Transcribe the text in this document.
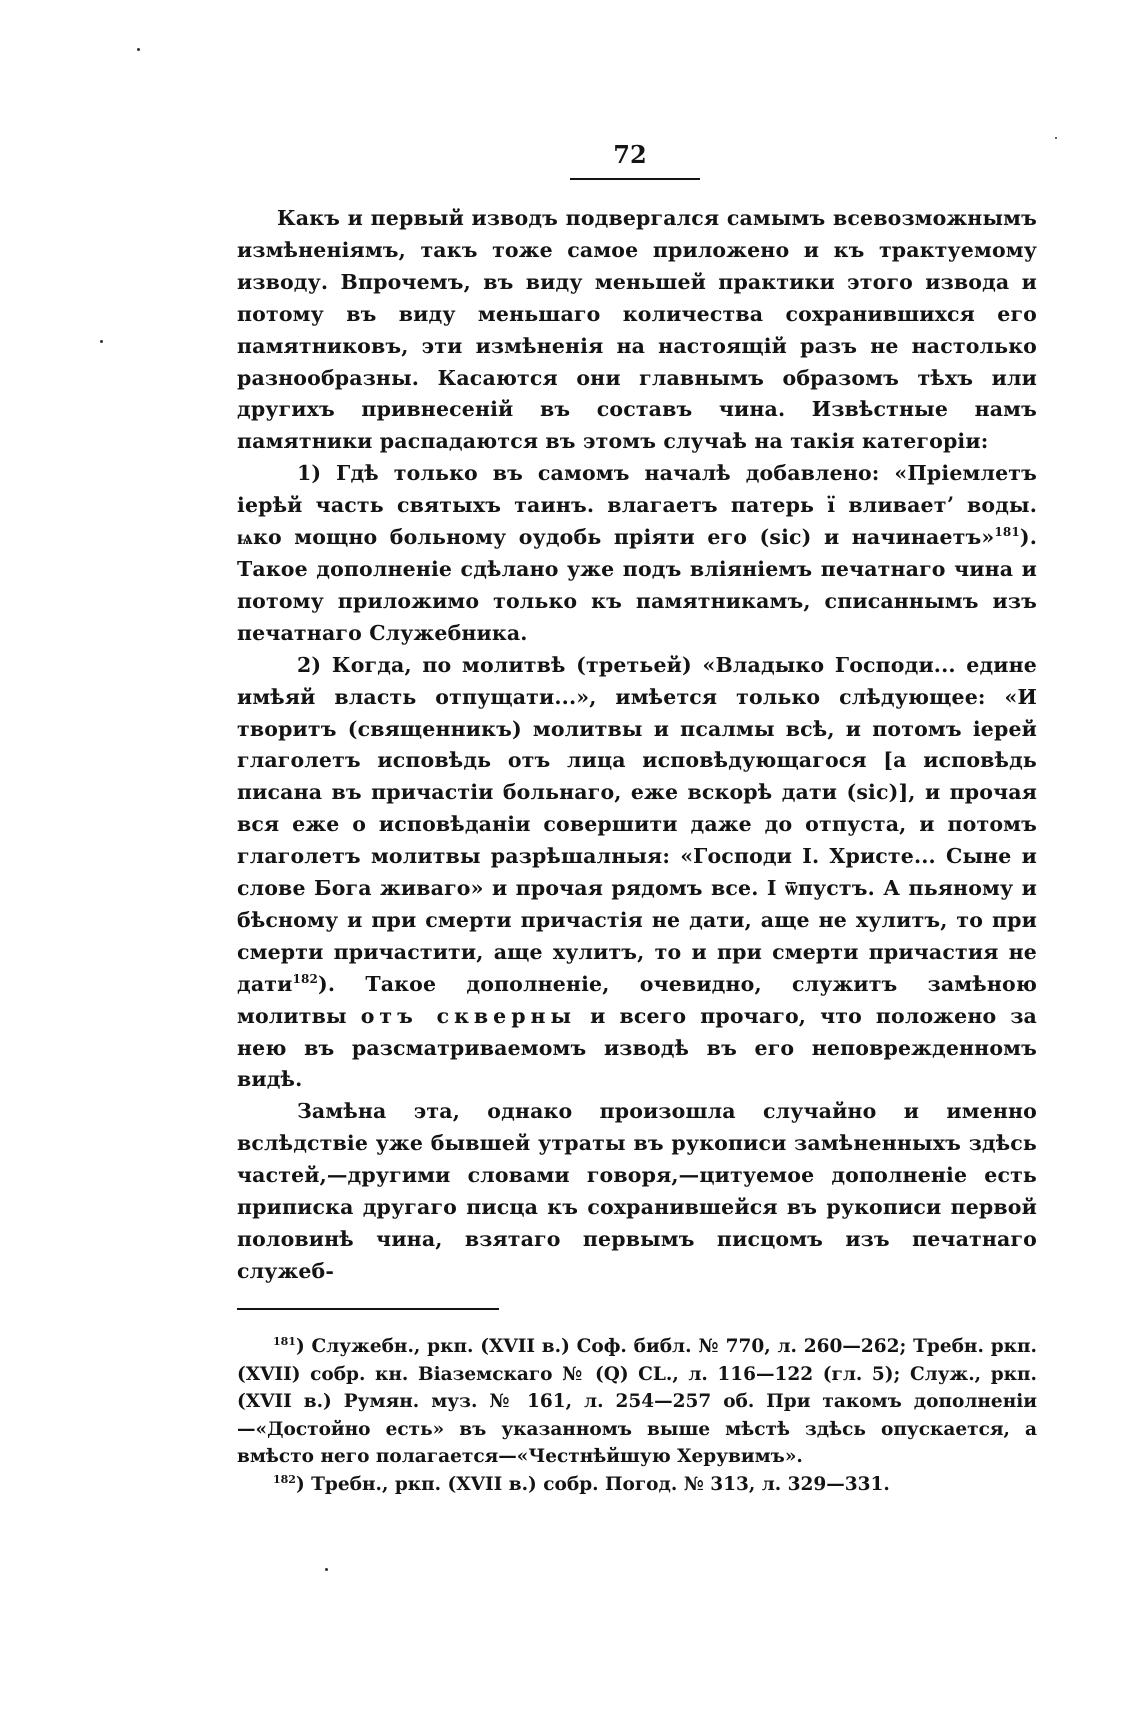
72

Какъ и первый изводъ подвергался самымъ всевозможнымъ измѣненіямъ, такъ тоже самое приложено и къ трактуемому изводу. Впрочемъ, въ виду меньшей практики этого извода и потому въ виду меньшаго количества сохранившихся его памятниковъ, эти измѣненія на настоящій разъ не настолько разнообразны. Касаются они главнымъ образомъ тѣхъ или другихъ привнесеній въ составъ чина. Извѣстные намъ памятники распадаются въ этомъ случаѣ на такія категоріи:

1) Гдѣ только въ самомъ началѣ добавлено: «Пріемлетъ іерѣй часть святыхъ таинъ. влагаетъ патерь ї вливаетʼ воды. ѩко мощно больному оудобь пріяти его (sic) и начинаетъ»$^{181}$). Такое дополненіе сдѣлано уже подъ вліяніемъ печатнаго чина и потому приложимо только къ памятникамъ, списаннымъ изъ печатнаго Служебника.

2) Когда, по молитвѣ (третьей) «Владыко Господи... едине имѣяй власть отпущати...», имѣется только слѣдующее: «И творитъ (священникъ) молитвы и псалмы всѣ, и потомъ іерей глаголетъ исповѣдь отъ лица исповѣдующагося [а исповѣдь писана въ причастіи больнаго, еже вскорѣ дати (sic)], и прочая вся еже о исповѣданіи совершити даже до отпуста, и потомъ глаголетъ молитвы разрѣшалныя: «Господи І. Христе... Сыне и слове Бога живаго» и прочая рядомъ все. І ѿпустъ. А пьяному и бѣсному и при смерти причастія не дати, аще не хулитъ, то при смерти причастити, аще хулитъ, то и при смерти причастия не дати$^{182}$). Такое дополненіе, очевидно, служитъ замѣною молитвы отъ скверны и всего прочаго, что положено за нею въ разсматриваемомъ изводѣ въ его неповрежденномъ видѣ.

Замѣна эта, однако произошла случайно и именно вслѣдствіе уже бывшей утраты въ рукописи замѣненныхъ здѣсь частей,—другими словами говоря,—цитуемое дополненіе есть приписка другаго писца къ сохранившейся въ рукописи первой половинѣ чина, взятаго первымъ писцомъ изъ печатнаго служеб-

$^{181}$) Служебн., ркп. (XVII в.) Соф. библ. № 770, л. 260—262; Требн. ркп. (XVII) собр. кн. Віаземскаго № (Q) CL., л. 116—122 (гл. 5); Служ., ркп. (XVII в.) Румян. муз. № 161, л. 254—257 об. При такомъ дополненіи—«Достойно есть» въ указанномъ выше мѣстѣ здѣсь опускается, а вмѣсто него полагается—«Честнѣйшую Херувимъ».

$^{182}$) Требн., ркп. (XVII в.) собр. Погод. № 313, л. 329—331.
